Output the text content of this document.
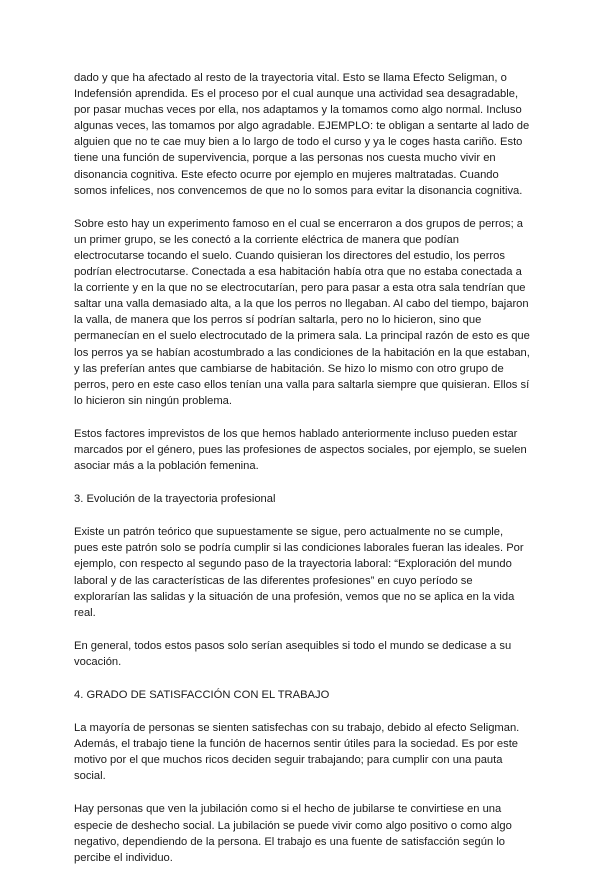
dado y que ha afectado al resto de la trayectoria vital. Esto se llama Efecto Seligman, o Indefensión aprendida. Es el proceso por el cual aunque una actividad sea desagradable, por pasar muchas veces por ella, nos adaptamos y la tomamos como algo normal. Incluso algunas veces, las tomamos por algo agradable. EJEMPLO: te obligan a sentarte al lado de alguien que no te cae muy bien a lo largo de todo el curso y ya le coges hasta cariño. Esto tiene una función de supervivencia, porque a las personas nos cuesta mucho vivir en disonancia cognitiva. Este efecto ocurre por ejemplo en mujeres maltratadas. Cuando somos infelices, nos convencemos de que no lo somos para evitar la disonancia cognitiva.

Sobre esto hay un experimento famoso en el cual se encerraron a dos grupos de perros; a un primer grupo, se les conectó a la corriente eléctrica de manera que podían electrocutarse tocando el suelo. Cuando quisieran los directores del estudio, los perros podrían electrocutarse. Conectada a esa habitación había otra que no estaba conectada a la corriente y en la que no se electrocutarían, pero para pasar a esta otra sala tendrían que saltar una valla demasiado alta, a la que los perros no llegaban. Al cabo del tiempo, bajaron la valla, de manera que los perros sí podrían saltarla, pero no lo hicieron, sino que permanecían en el suelo electrocutado de la primera sala. La principal razón de esto es que los perros ya se habían acostumbrado a las condiciones de la habitación en la que estaban, y las preferían antes que cambiarse de habitación. Se hizo lo mismo con otro grupo de perros, pero en este caso ellos tenían una valla para saltarla siempre que quisieran. Ellos sí lo hicieron sin ningún problema.

Estos factores imprevistos de los que hemos hablado anteriormente incluso pueden estar marcados por el género, pues las profesiones de aspectos sociales, por ejemplo, se suelen asociar más a la población femenina.

3. Evolución de la trayectoria profesional

Existe un patrón teórico que supuestamente se sigue, pero actualmente no se cumple, pues este patrón solo se podría cumplir si las condiciones laborales fueran las ideales. Por ejemplo, con respecto al segundo paso de la trayectoria laboral: “Exploración del mundo laboral y de las características de las diferentes profesiones” en cuyo período se explorarían las salidas y la situación de una profesión, vemos que no se aplica en la vida real.

En general, todos estos pasos solo serían asequibles si todo el mundo se dedicase a su vocación.

4. GRADO DE SATISFACCIÓN CON EL TRABAJO

La mayoría de personas se sienten satisfechas con su trabajo, debido al efecto Seligman. Además, el trabajo tiene la función de hacernos sentir útiles para la sociedad. Es por este motivo por el que muchos ricos deciden seguir trabajando; para cumplir con una pauta social.

Hay personas que ven la jubilación como si el hecho de jubilarse te convirtiese en una especie de deshecho social. La jubilación se puede vivir como algo positivo o como algo negativo, dependiendo de la persona. El trabajo es una fuente de satisfacción según lo percibe el individuo.
